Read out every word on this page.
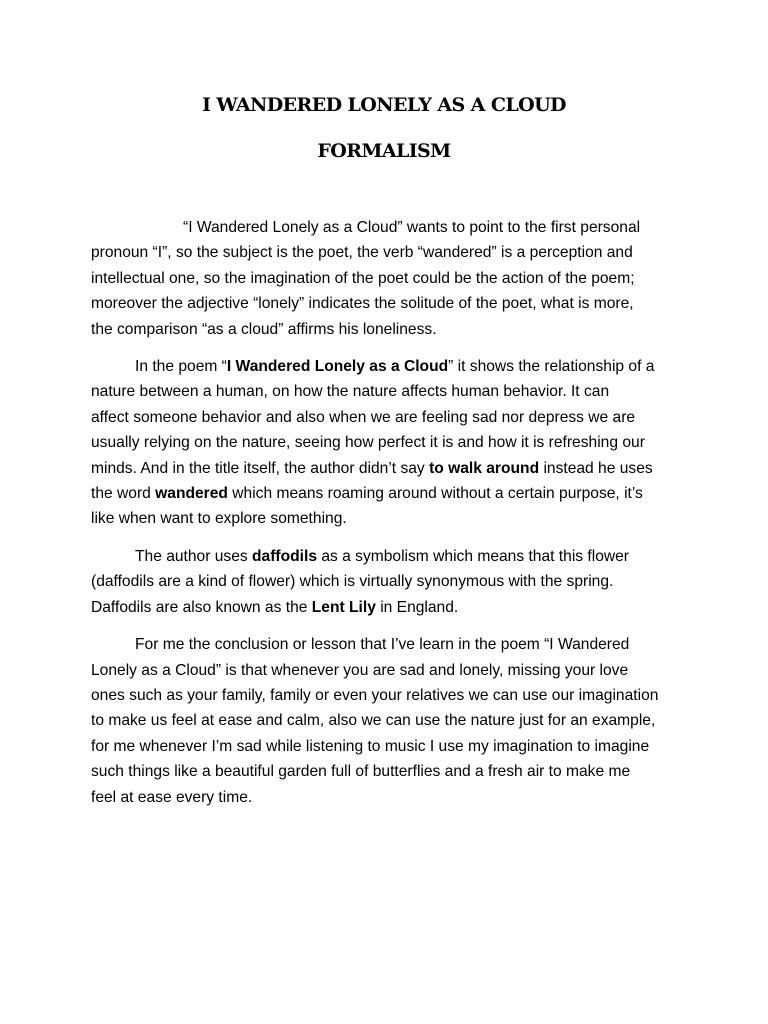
I WANDERED LONELY AS A CLOUD
FORMALISM

“I Wandered Lonely as a Cloud” wants to point to the first personal
pronoun “I”, so the subject is the poet, the verb “wandered” is a perception and
intellectual one, so the imagination of the poet could be the action of the poem;
moreover the adjective “lonely” indicates the solitude of the poet, what is more,
the comparison “as a cloud” affirms his loneliness.

In the poem “I Wandered Lonely as a Cloud” it shows the relationship of a
nature between a human, on how the nature affects human behavior. It can
affect someone behavior and also when we are feeling sad nor depress we are
usually relying on the nature, seeing how perfect it is and how it is refreshing our
minds. And in the title itself, the author didn’t say to walk around instead he uses
the word wandered which means roaming around without a certain purpose, it’s
like when want to explore something.

The author uses daffodils as a symbolism which means that this flower
(daffodils are a kind of flower) which is virtually synonymous with the spring.
Daffodils are also known as the Lent Lily in England.

For me the conclusion or lesson that I’ve learn in the poem “I Wandered
Lonely as a Cloud” is that whenever you are sad and lonely, missing your love
ones such as your family, family or even your relatives we can use our imagination
to make us feel at ease and calm, also we can use the nature just for an example,
for me whenever I’m sad while listening to music I use my imagination to imagine
such things like a beautiful garden full of butterflies and a fresh air to make me
feel at ease every time.
